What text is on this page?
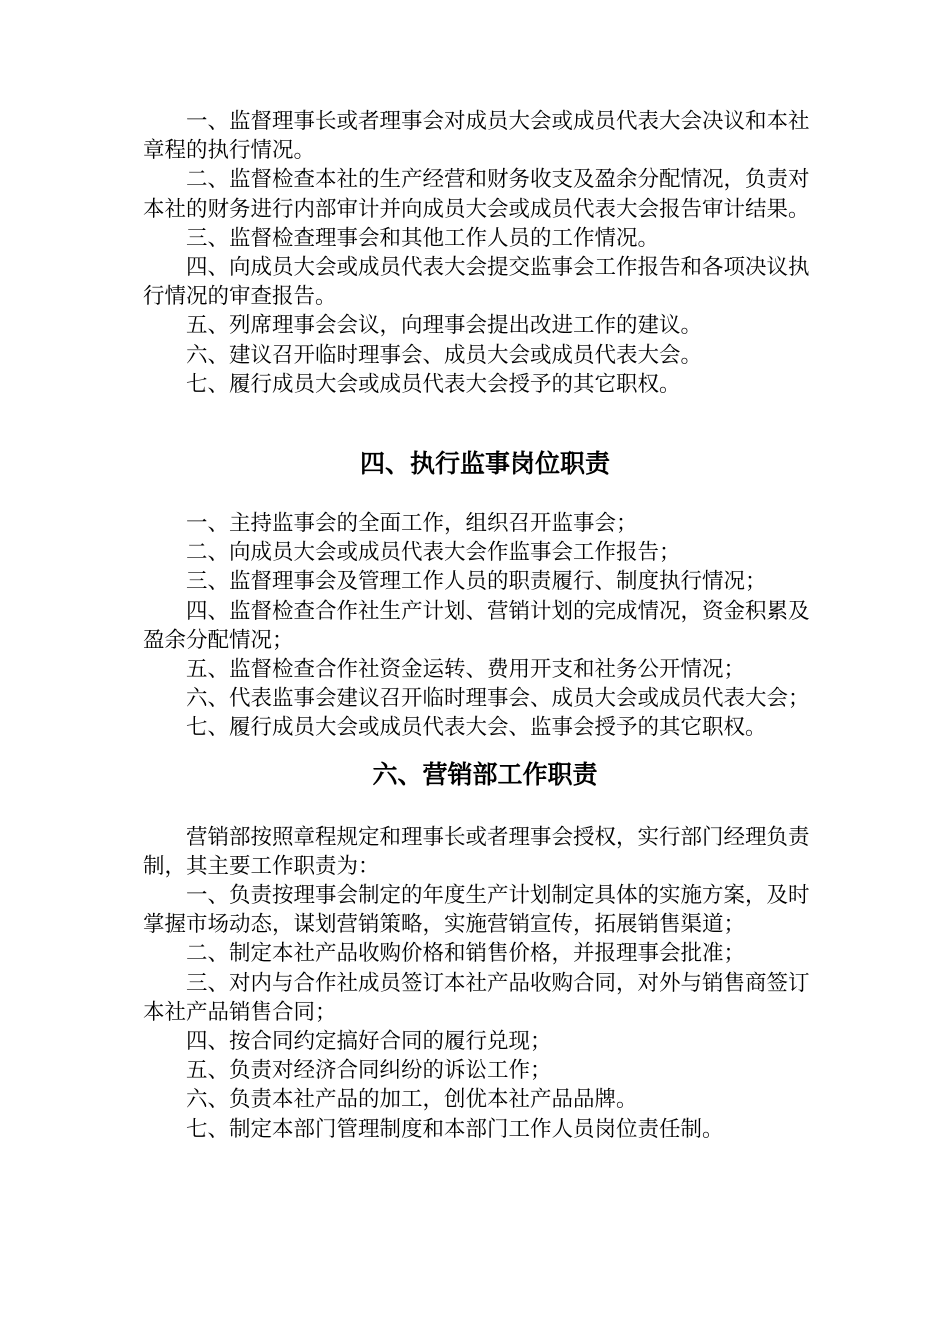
一、监督理事长或者理事会对成员大会或成员代表大会决议和本社章程的执行情况。

二、监督检查本社的生产经营和财务收支及盈余分配情况，负责对本社的财务进行内部审计并向成员大会或成员代表大会报告审计结果。

三、监督检查理事会和其他工作人员的工作情况。

四、向成员大会或成员代表大会提交监事会工作报告和各项决议执行情况的审查报告。

五、列席理事会会议，向理事会提出改进工作的建议。

六、建议召开临时理事会、成员大会或成员代表大会。

七、履行成员大会或成员代表大会授予的其它职权。

四、执行监事岗位职责

一、主持监事会的全面工作，组织召开监事会；

二、向成员大会或成员代表大会作监事会工作报告；

三、监督理事会及管理工作人员的职责履行、制度执行情况；

四、监督检查合作社生产计划、营销计划的完成情况，资金积累及盈余分配情况；

五、监督检查合作社资金运转、费用开支和社务公开情况；

六、代表监事会建议召开临时理事会、成员大会或成员代表大会；

七、履行成员大会或成员代表大会、监事会授予的其它职权。

六、营销部工作职责

营销部按照章程规定和理事长或者理事会授权，实行部门经理负责制，其主要工作职责为：

一、负责按理事会制定的年度生产计划制定具体的实施方案，及时掌握市场动态，谋划营销策略，实施营销宣传，拓展销售渠道；

二、制定本社产品收购价格和销售价格，并报理事会批准；

三、对内与合作社成员签订本社产品收购合同，对外与销售商签订本社产品销售合同；

四、按合同约定搞好合同的履行兑现；

五、负责对经济合同纠纷的诉讼工作；

六、负责本社产品的加工，创优本社产品品牌。

七、制定本部门管理制度和本部门工作人员岗位责任制。
